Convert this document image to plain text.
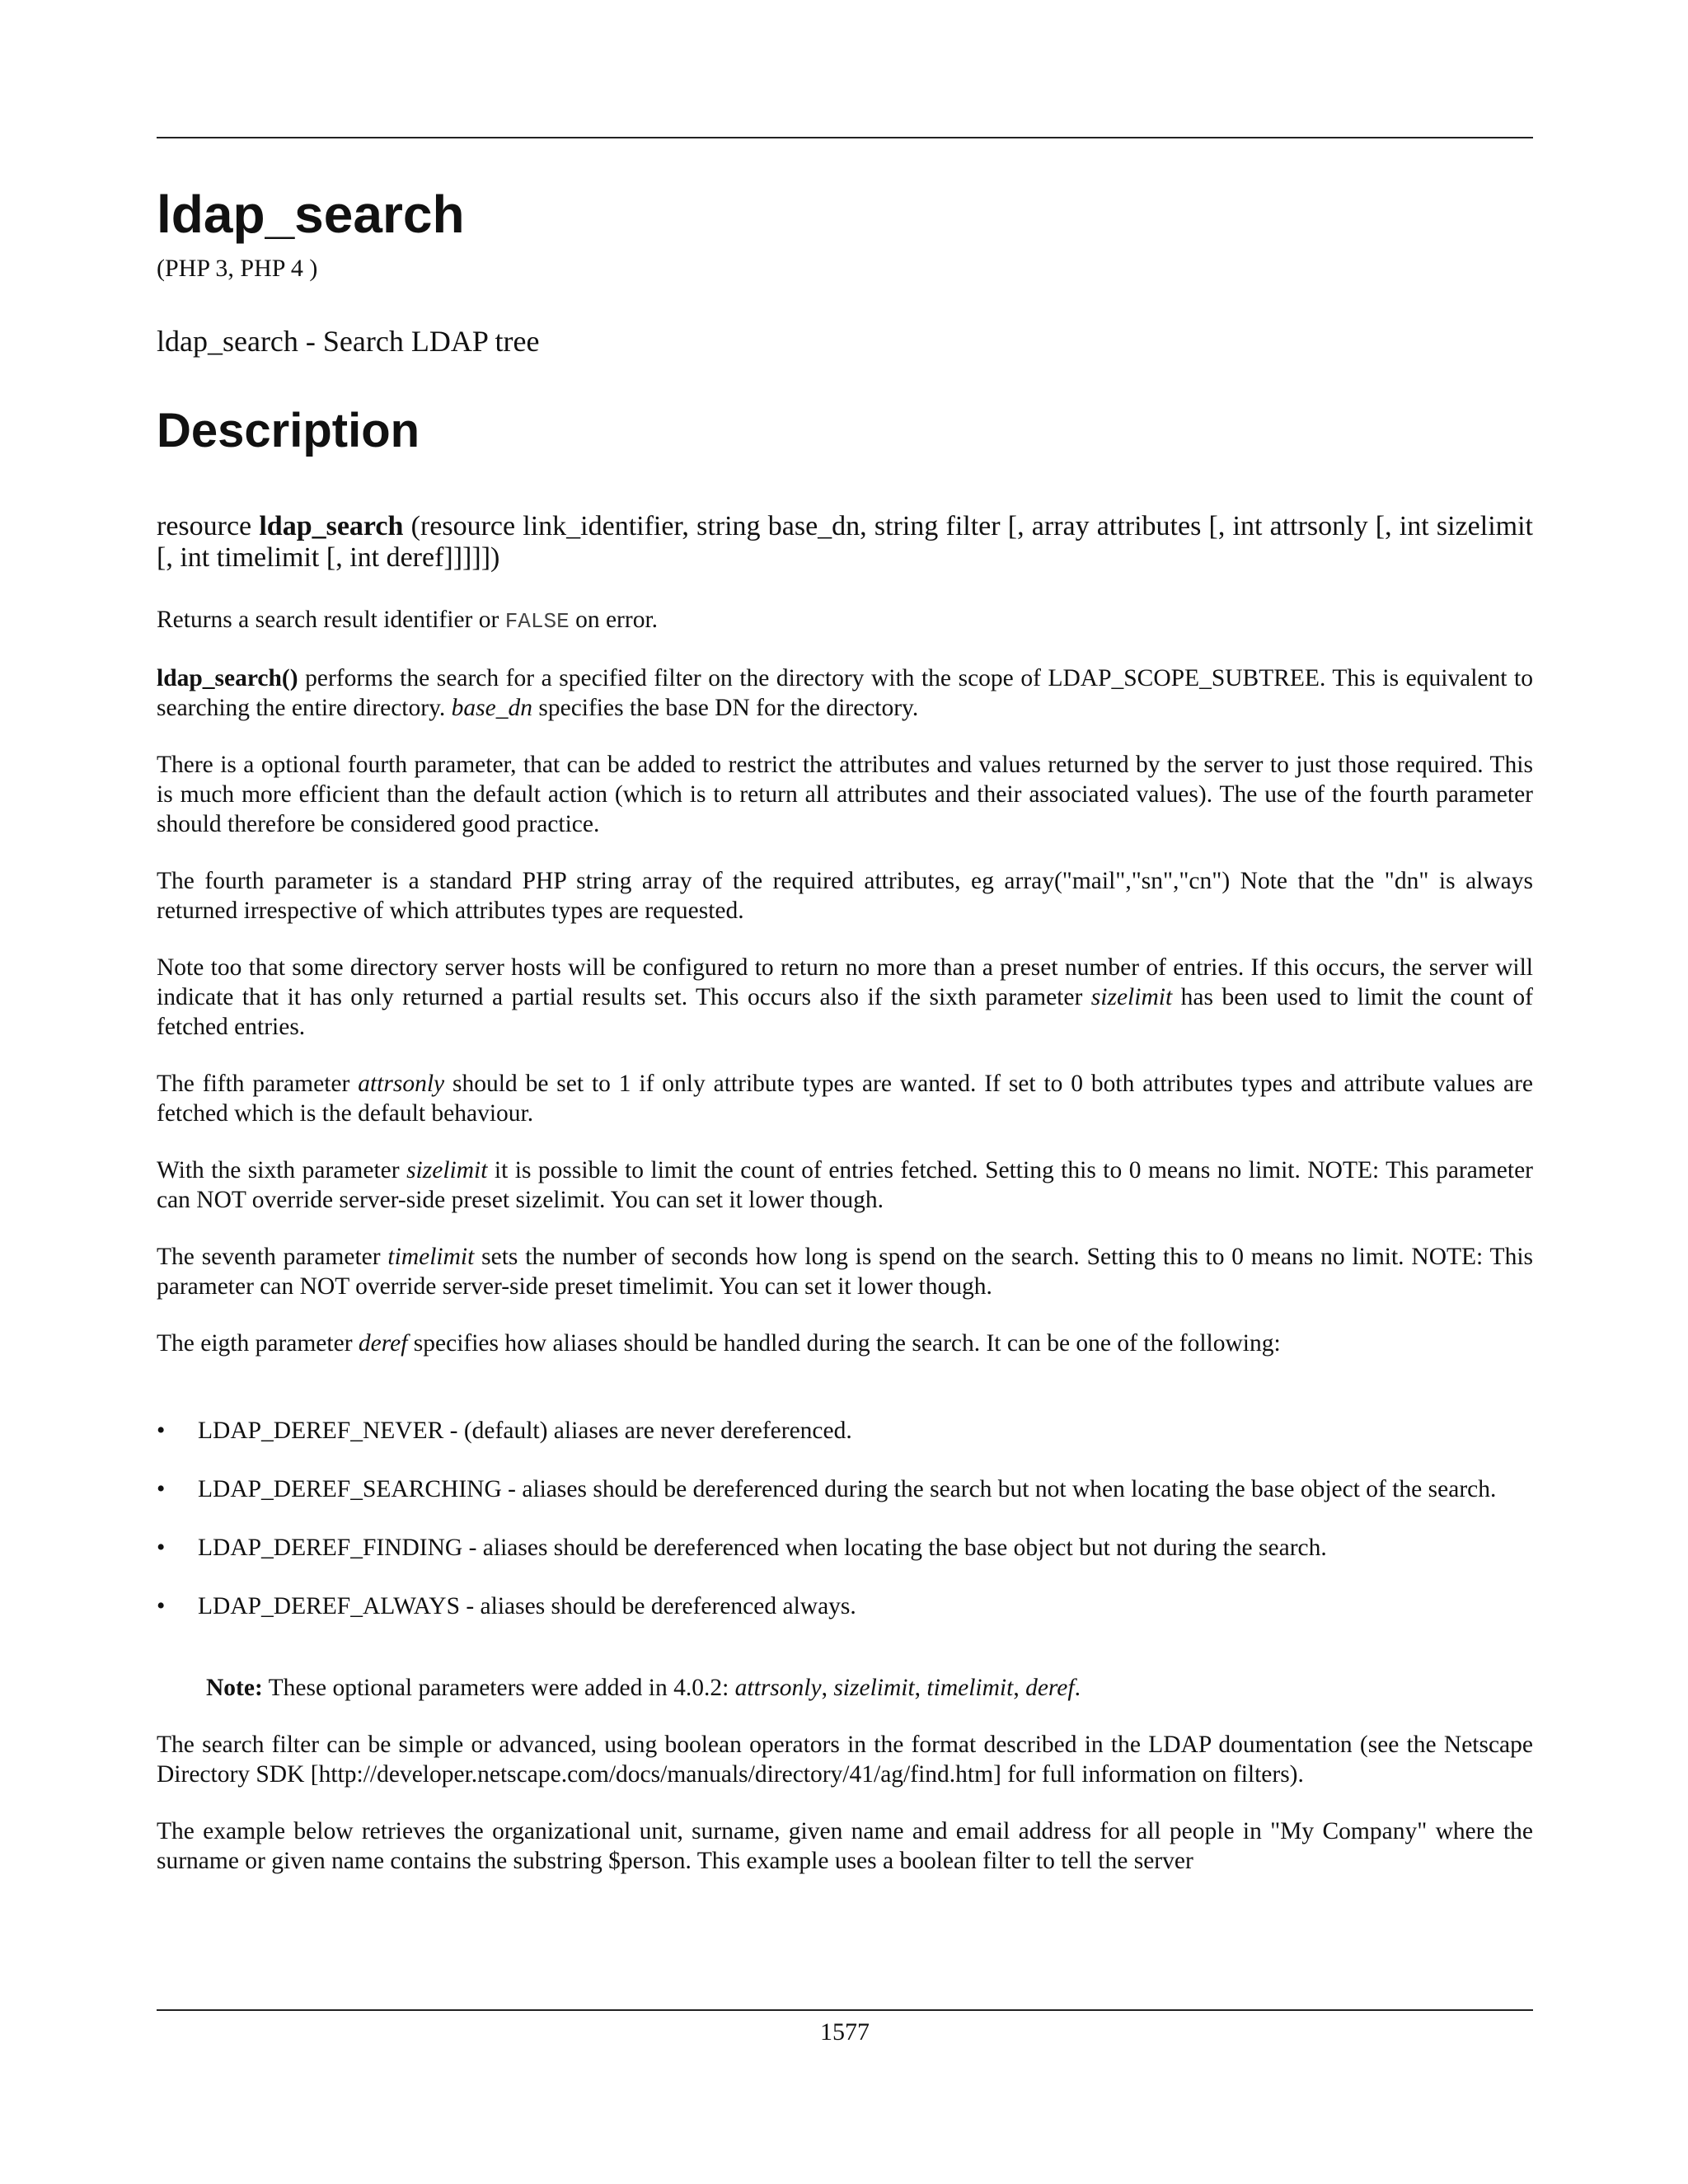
ldap_search
(PHP 3, PHP 4 )
ldap_search - Search LDAP tree
Description
resource ldap_search (resource link_identifier, string base_dn, string filter [, array attributes [, int attrsonly [, int sizelimit [, int timelimit [, int deref]]]]])

Returns a search result identifier or FALSE on error.

ldap_search() performs the search for a specified filter on the directory with the scope of LDAP_SCOPE_SUBTREE. This is equivalent to searching the entire directory. base_dn specifies the base DN for the directory.

There is a optional fourth parameter, that can be added to restrict the attributes and values returned by the server to just those required. This is much more efficient than the default action (which is to return all attributes and their associated values). The use of the fourth parameter should therefore be considered good practice.

The fourth parameter is a standard PHP string array of the required attributes, eg array("mail","sn","cn") Note that the "dn" is always returned irrespective of which attributes types are requested.

Note too that some directory server hosts will be configured to return no more than a preset number of entries. If this occurs, the server will indicate that it has only returned a partial results set. This occurs also if the sixth parameter sizelimit has been used to limit the count of fetched entries.

The fifth parameter attrsonly should be set to 1 if only attribute types are wanted. If set to 0 both attributes types and attribute values are fetched which is the default behaviour.

With the sixth parameter sizelimit it is possible to limit the count of entries fetched. Setting this to 0 means no limit. NOTE: This parameter can NOT override server-side preset sizelimit. You can set it lower though.

The seventh parameter timelimit sets the number of seconds how long is spend on the search. Setting this to 0 means no limit. NOTE: This parameter can NOT override server-side preset timelimit. You can set it lower though.

The eigth parameter deref specifies how aliases should be handled during the search. It can be one of the following:

• LDAP_DEREF_NEVER - (default) aliases are never dereferenced.
• LDAP_DEREF_SEARCHING - aliases should be dereferenced during the search but not when locating the base object of the search.
• LDAP_DEREF_FINDING - aliases should be dereferenced when locating the base object but not during the search.
• LDAP_DEREF_ALWAYS - aliases should be dereferenced always.

Note: These optional parameters were added in 4.0.2: attrsonly, sizelimit, timelimit, deref.

The search filter can be simple or advanced, using boolean operators in the format described in the LDAP doumentation (see the Netscape Directory SDK [http://developer.netscape.com/docs/manuals/directory/41/ag/find.htm] for full information on filters).

The example below retrieves the organizational unit, surname, given name and email address for all people in "My Company" where the surname or given name contains the substring $person. This example uses a boolean filter to tell the server

1577
